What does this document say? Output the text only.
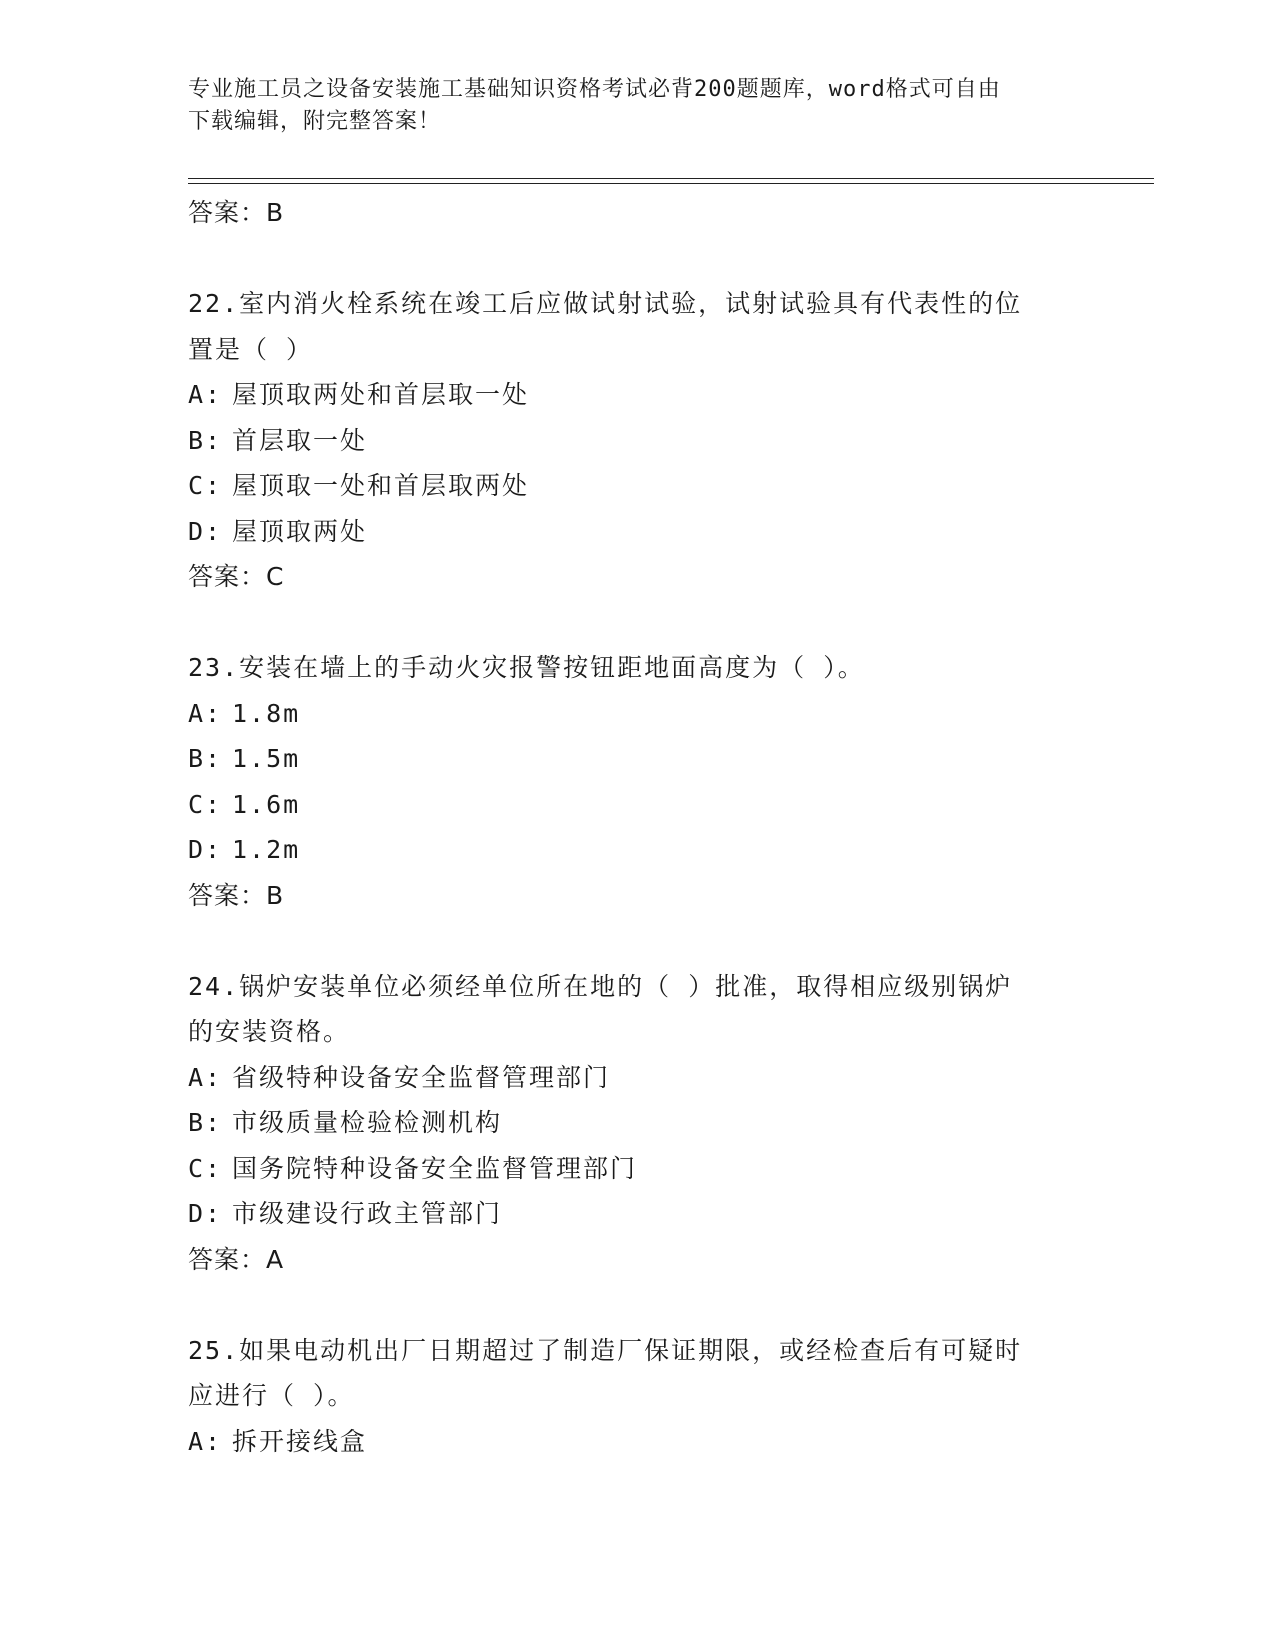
专业施工员之设备安装施工基础知识资格考试必背200题题库，word格式可自由
下载编辑，附完整答案！
答案：B
22.室内消火栓系统在竣工后应做试射试验，试射试验具有代表性的位
置是（ ）
A: 屋顶取两处和首层取一处
B: 首层取一处
C: 屋顶取一处和首层取两处
D: 屋顶取两处
答案：C
23.安装在墙上的手动火灾报警按钮距地面高度为（ ）。
A: 1.8m
B: 1.5m
C: 1.6m
D: 1.2m
答案：B
24.锅炉安装单位必须经单位所在地的（ ）批准，取得相应级别锅炉
的安装资格。
A: 省级特种设备安全监督管理部门
B: 市级质量检验检测机构
C: 国务院特种设备安全监督管理部门
D: 市级建设行政主管部门
答案：A
25.如果电动机出厂日期超过了制造厂保证期限，或经检查后有可疑时
应进行（ ）。
A: 拆开接线盒
